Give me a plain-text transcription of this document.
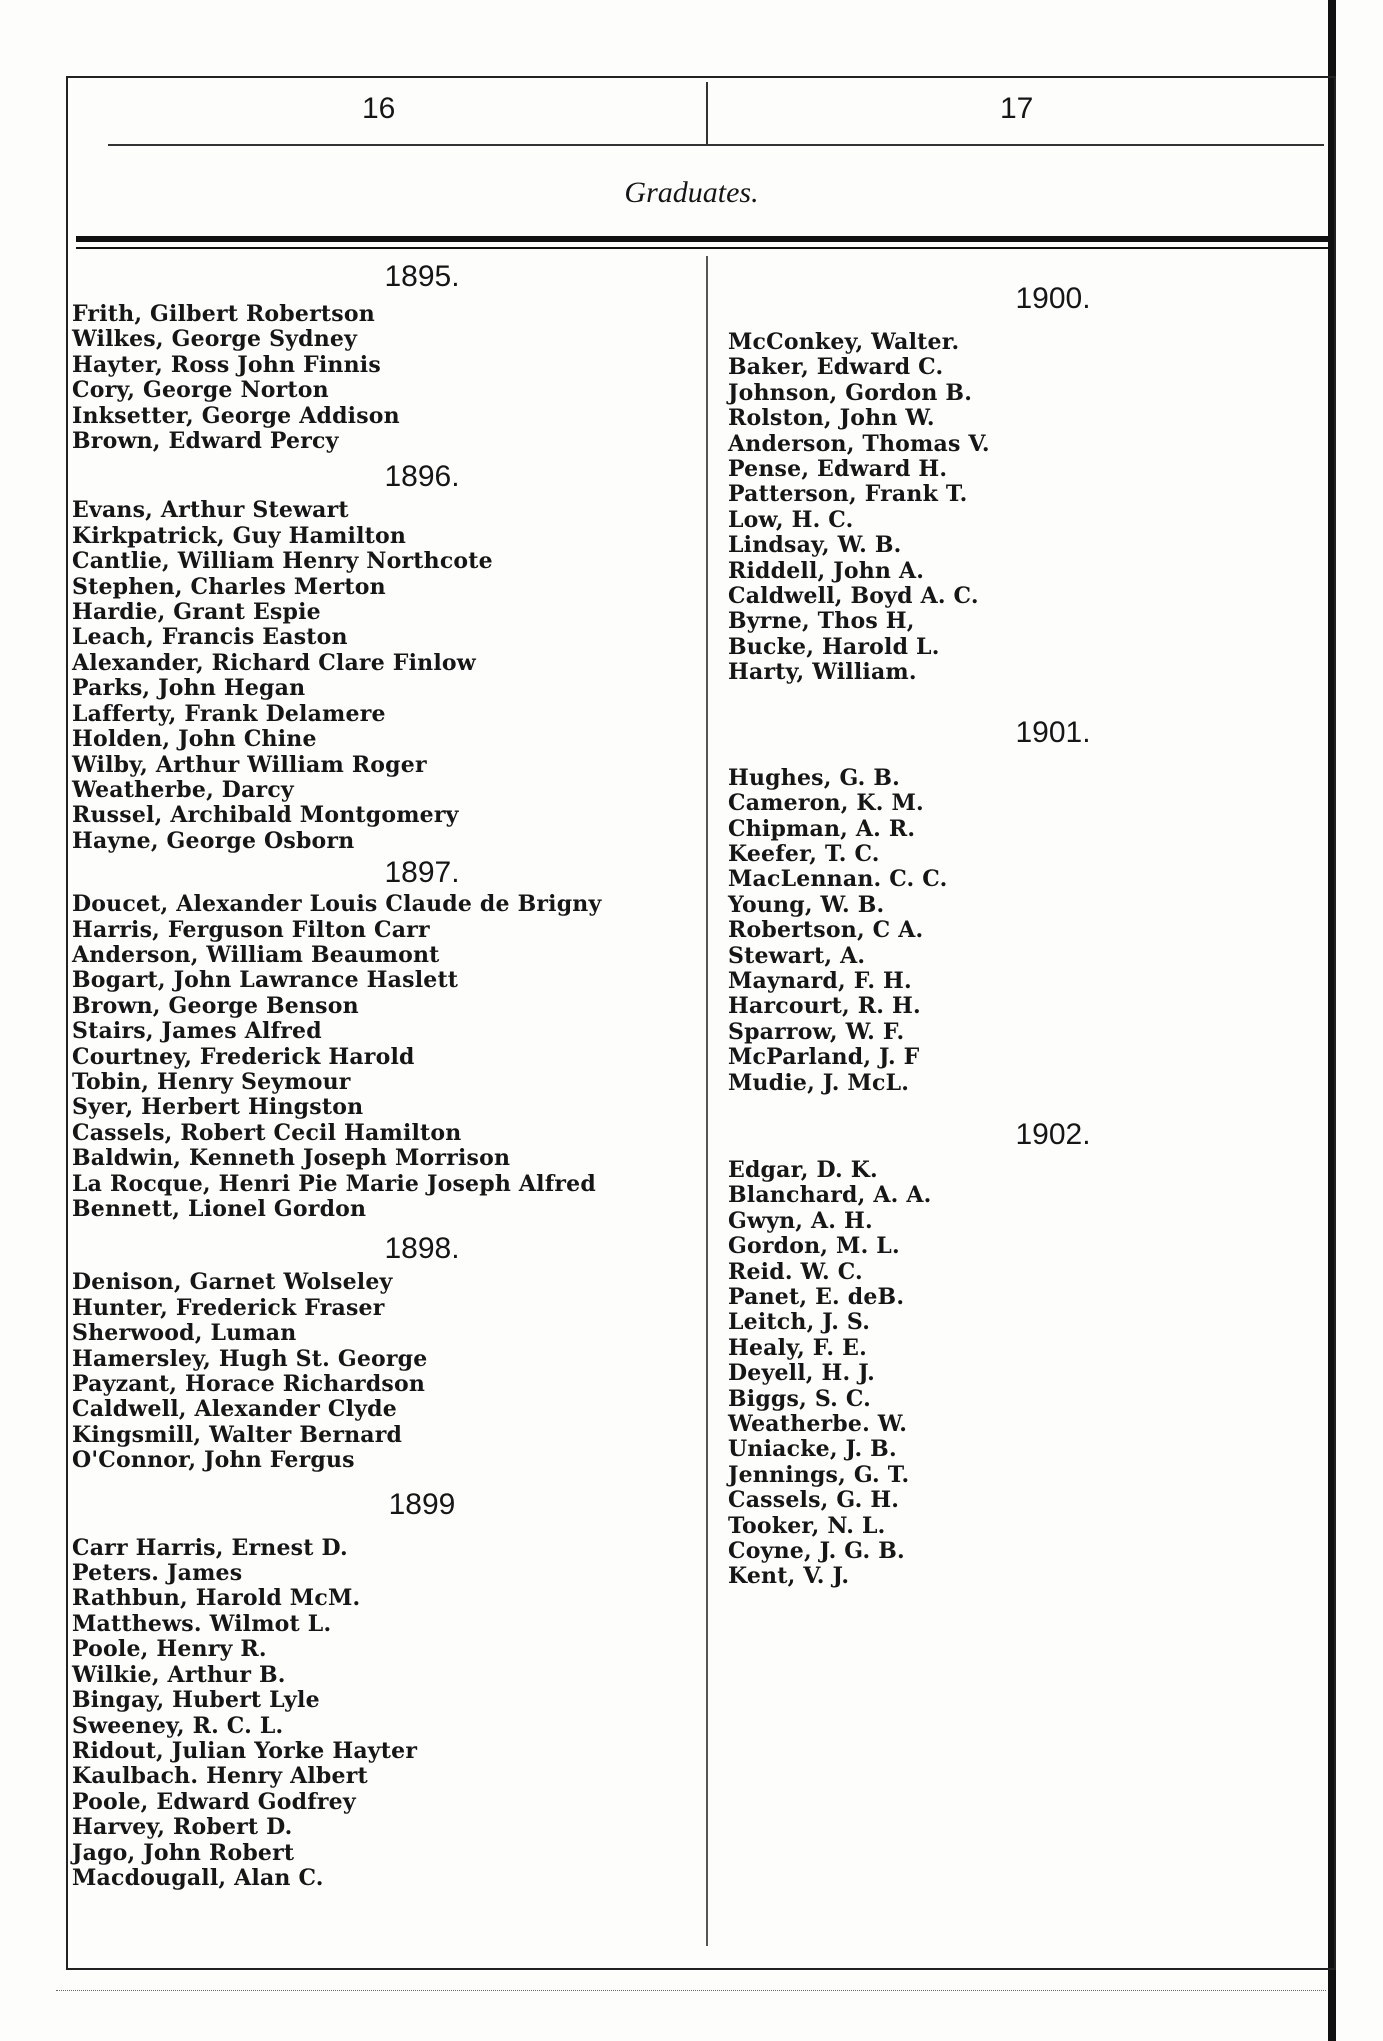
16	17
Graduates.
1895.
Frith, Gilbert Robertson
Wilkes, George Sydney
Hayter, Ross John Finnis
Cory, George Norton
Inksetter, George Addison
Brown, Edward Percy
1896.
Evans, Arthur Stewart
Kirkpatrick, Guy Hamilton
Cantlie, William Henry Northcote
Stephen, Charles Merton
Hardie, Grant Espie
Leach, Francis Easton
Alexander, Richard Clare Finlow
Parks, John Hegan
Lafferty, Frank Delamere
Holden, John Chine
Wilby, Arthur William Roger
Weatherbe, Darcy
Russel, Archibald Montgomery
Hayne, George Osborn
1897.
Doucet, Alexander Louis Claude de Brigny
Harris, Ferguson Filton Carr
Anderson, William Beaumont
Bogart, John Lawrance Haslett
Brown, George Benson
Stairs, James Alfred
Courtney, Frederick Harold
Tobin, Henry Seymour
Syer, Herbert Hingston
Cassels, Robert Cecil Hamilton
Baldwin, Kenneth Joseph Morrison
La Rocque, Henri Pie Marie Joseph Alfred
Bennett, Lionel Gordon
1898.
Denison, Garnet Wolseley
Hunter, Frederick Fraser
Sherwood, Luman
Hamersley, Hugh St. George
Payzant, Horace Richardson
Caldwell, Alexander Clyde
Kingsmill, Walter Bernard
O'Connor, John Fergus
1899
Carr Harris, Ernest D.
Peters. James
Rathbun, Harold McM.
Matthews. Wilmot L.
Poole, Henry R.
Wilkie, Arthur B.
Bingay, Hubert Lyle
Sweeney, R. C. L.
Ridout, Julian Yorke Hayter
Kaulbach. Henry Albert
Poole, Edward Godfrey
Harvey, Robert D.
Jago, John Robert
Macdougall, Alan C.
1900.
McConkey, Walter.
Baker, Edward C.
Johnson, Gordon B.
Rolston, John W.
Anderson, Thomas V.
Pense, Edward H.
Patterson, Frank T.
Low, H. C.
Lindsay, W. B.
Riddell, John A.
Caldwell, Boyd A. C.
Byrne, Thos H,
Bucke, Harold L.
Harty, William.
1901.
Hughes, G. B.
Cameron, K. M.
Chipman, A. R.
Keefer, T. C.
MacLennan. C. C.
Young, W. B.
Robertson, C A.
Stewart, A.
Maynard, F. H.
Harcourt, R. H.
Sparrow, W. F.
McParland, J. F
Mudie, J. McL.
1902.
Edgar, D. K.
Blanchard, A. A.
Gwyn, A. H.
Gordon, M. L.
Reid. W. C.
Panet, E. deB.
Leitch, J. S.
Healy, F. E.
Deyell, H. J.
Biggs, S. C.
Weatherbe. W.
Uniacke, J. B.
Jennings, G. T.
Cassels, G. H.
Tooker, N. L.
Coyne, J. G. B.
Kent, V. J.
